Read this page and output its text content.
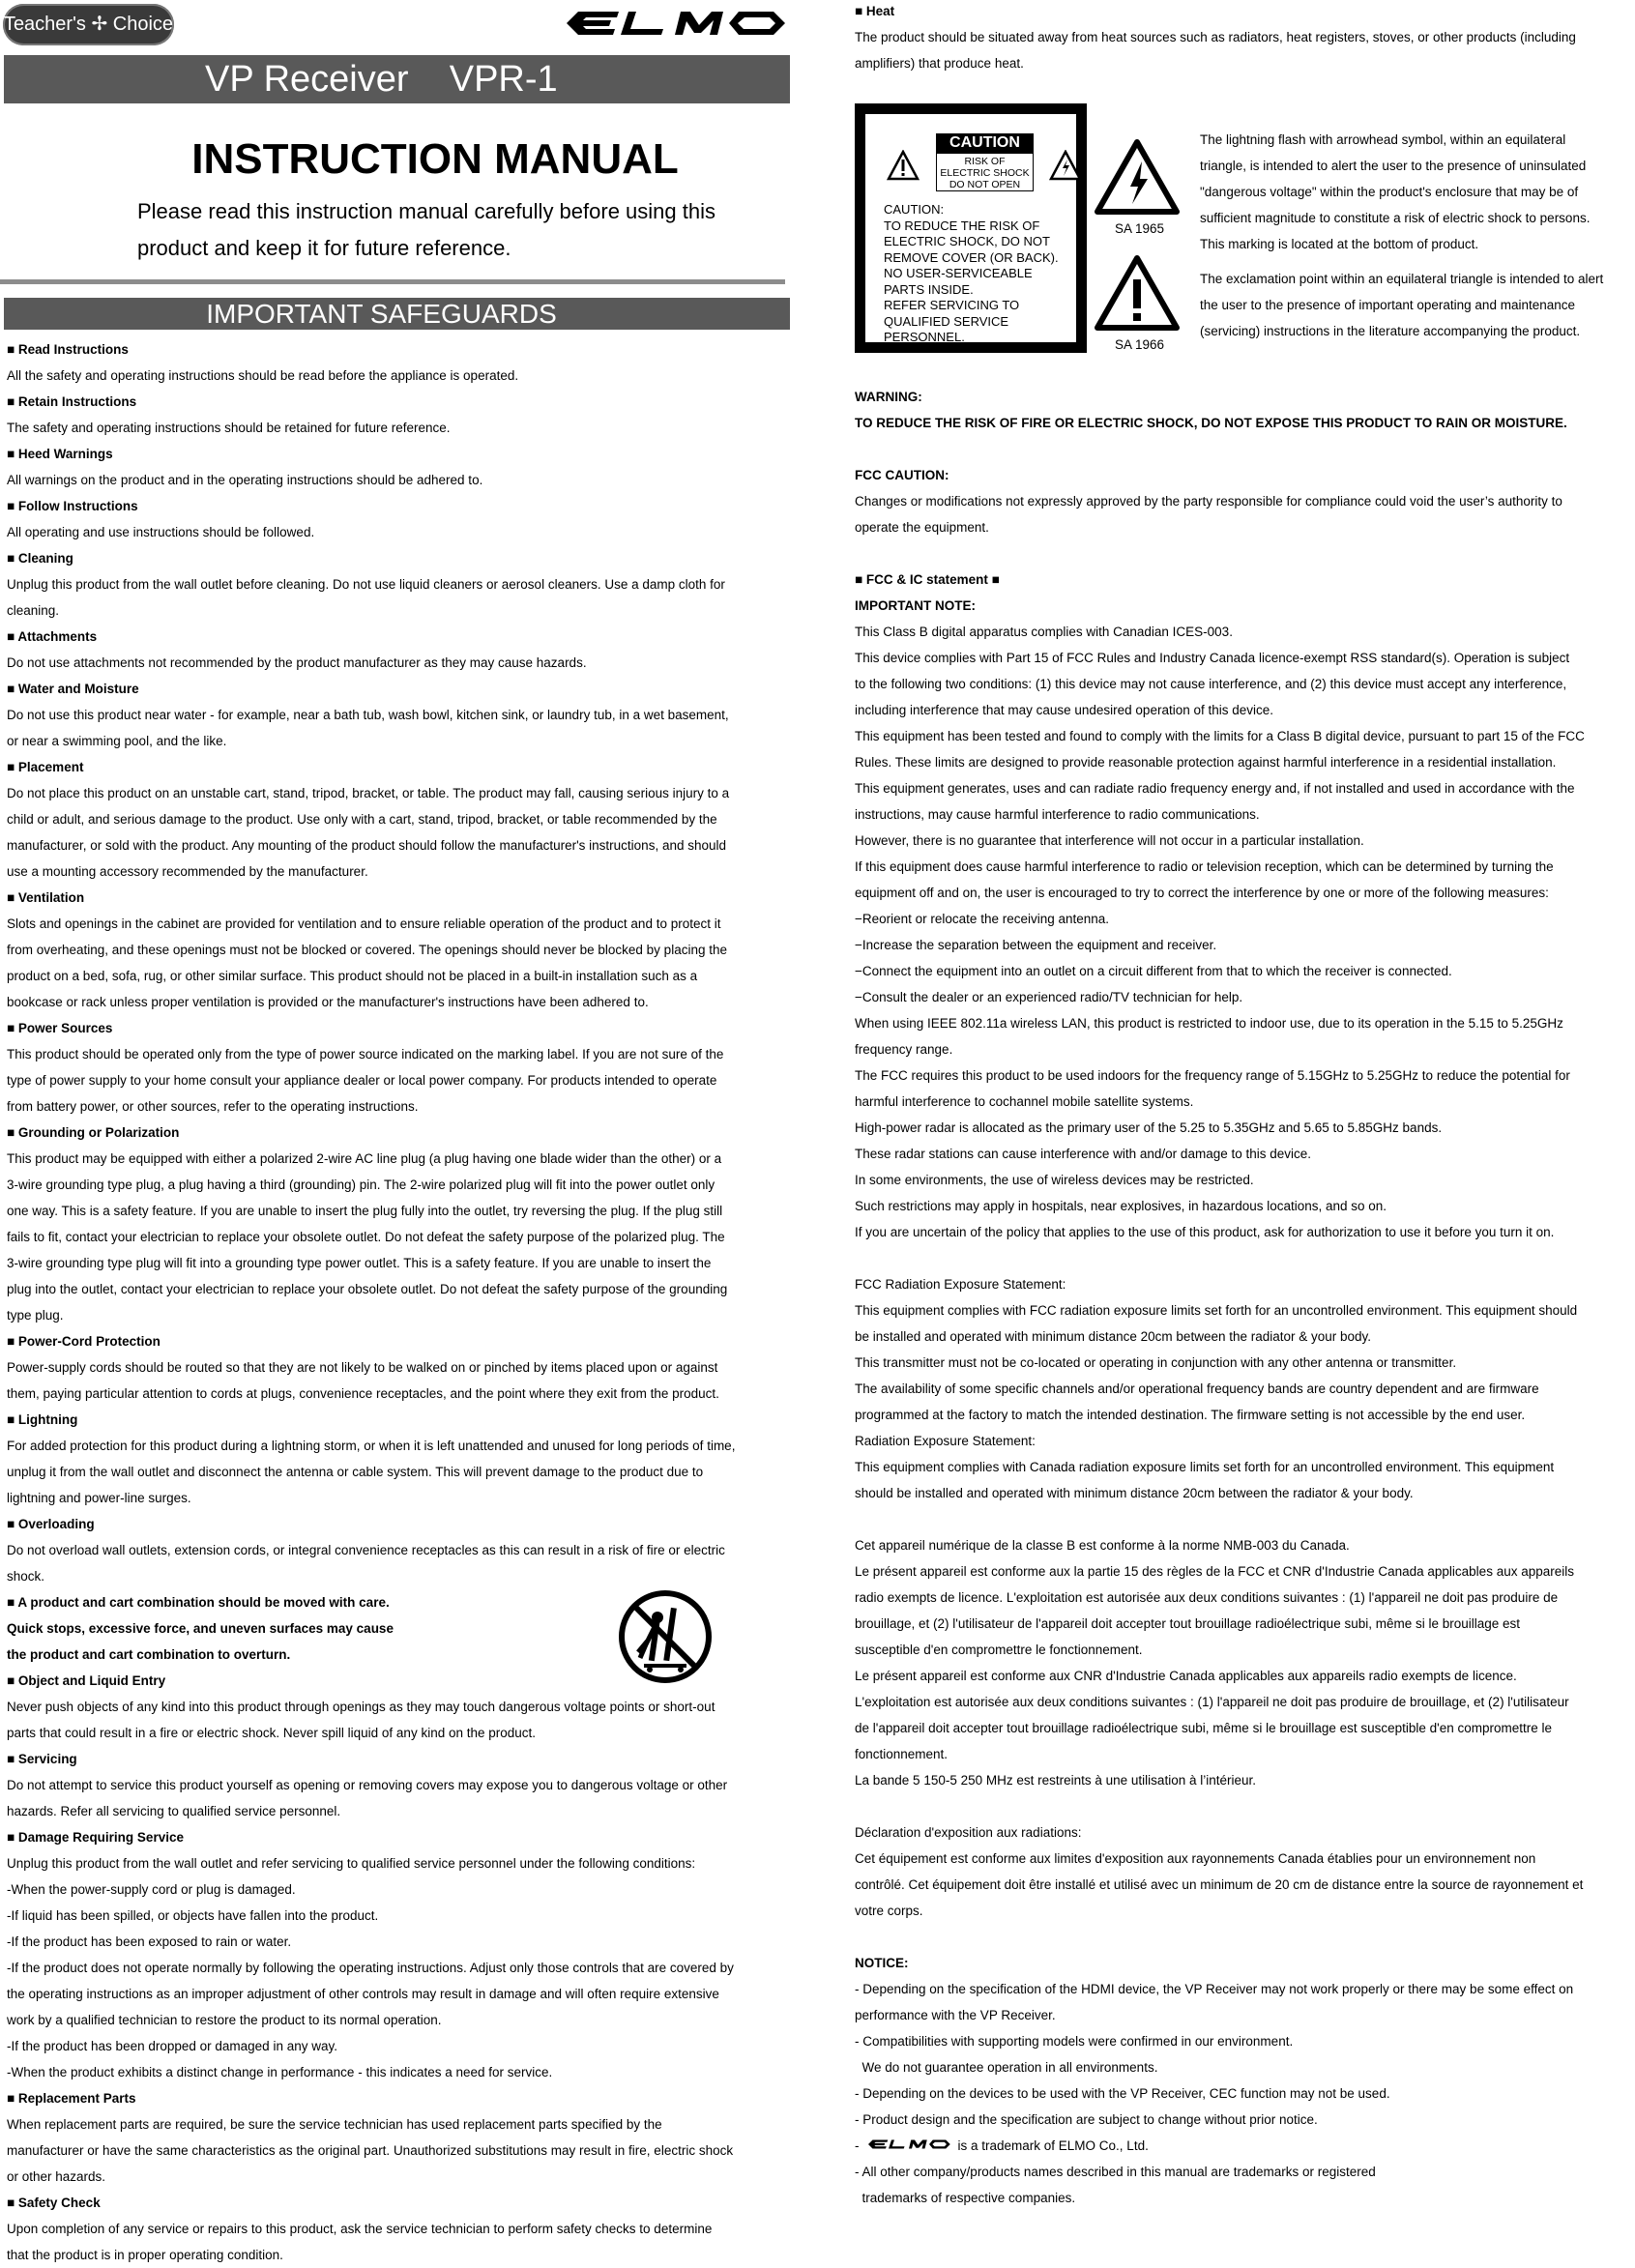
Teacher's ✢ Choice
VP Receiver    VPR-1
INSTRUCTION MANUAL
Please read this instruction manual carefully before using this
product and keep it for future reference.
IMPORTANT SAFEGUARDS
■ Read Instructions
All the safety and operating instructions should be read before the appliance is operated.
■ Retain Instructions
The safety and operating instructions should be retained for future reference.
■ Heed Warnings
All warnings on the product and in the operating instructions should be adhered to.
■ Follow Instructions
All operating and use instructions should be followed.
■ Cleaning
Unplug this product from the wall outlet before cleaning. Do not use liquid cleaners or aerosol cleaners. Use a damp cloth for
cleaning.
■ Attachments
Do not use attachments not recommended by the product manufacturer as they may cause hazards.
■ Water and Moisture
Do not use this product near water - for example, near a bath tub, wash bowl, kitchen sink, or laundry tub, in a wet basement,
or near a swimming pool, and the like.
■ Placement
Do not place this product on an unstable cart, stand, tripod, bracket, or table. The product may fall, causing serious injury to a
child or adult, and serious damage to the product. Use only with a cart, stand, tripod, bracket, or table recommended by the
manufacturer, or sold with the product. Any mounting of the product should follow the manufacturer's instructions, and should
use a mounting accessory recommended by the manufacturer.
■ Ventilation
Slots and openings in the cabinet are provided for ventilation and to ensure reliable operation of the product and to protect it
from overheating, and these openings must not be blocked or covered. The openings should never be blocked by placing the
product on a bed, sofa, rug, or other similar surface. This product should not be placed in a built-in installation such as a
bookcase or rack unless proper ventilation is provided or the manufacturer's instructions have been adhered to.
■ Power Sources
This product should be operated only from the type of power source indicated on the marking label. If you are not sure of the
type of power supply to your home consult your appliance dealer or local power company. For products intended to operate
from battery power, or other sources, refer to the operating instructions.
■ Grounding or Polarization
This product may be equipped with either a polarized 2-wire AC line plug (a plug having one blade wider than the other) or a
3-wire grounding type plug, a plug having a third (grounding) pin. The 2-wire polarized plug will fit into the power outlet only
one way. This is a safety feature. If you are unable to insert the plug fully into the outlet, try reversing the plug. If the plug still
fails to fit, contact your electrician to replace your obsolete outlet. Do not defeat the safety purpose of the polarized plug. The
3-wire grounding type plug will fit into a grounding type power outlet. This is a safety feature. If you are unable to insert the
plug into the outlet, contact your electrician to replace your obsolete outlet. Do not defeat the safety purpose of the grounding
type plug.
■ Power-Cord Protection
Power-supply cords should be routed so that they are not likely to be walked on or pinched by items placed upon or against
them, paying particular attention to cords at plugs, convenience receptacles, and the point where they exit from the product.
■ Lightning
For added protection for this product during a lightning storm, or when it is left unattended and unused for long periods of time,
unplug it from the wall outlet and disconnect the antenna or cable system. This will prevent damage to the product due to
lightning and power-line surges.
■ Overloading
Do not overload wall outlets, extension cords, or integral convenience receptacles as this can result in a risk of fire or electric
shock.
■ A product and cart combination should be moved with care.
Quick stops, excessive force, and uneven surfaces may cause
the product and cart combination to overturn.
■ Object and Liquid Entry
Never push objects of any kind into this product through openings as they may touch dangerous voltage points or short-out
parts that could result in a fire or electric shock. Never spill liquid of any kind on the product.
■ Servicing
Do not attempt to service this product yourself as opening or removing covers may expose you to dangerous voltage or other
hazards. Refer all servicing to qualified service personnel.
■ Damage Requiring Service
Unplug this product from the wall outlet and refer servicing to qualified service personnel under the following conditions:
-When the power-supply cord or plug is damaged.
-If liquid has been spilled, or objects have fallen into the product.
-If the product has been exposed to rain or water.
-If the product does not operate normally by following the operating instructions. Adjust only those controls that are covered by
the operating instructions as an improper adjustment of other controls may result in damage and will often require extensive
work by a qualified technician to restore the product to its normal operation.
-If the product has been dropped or damaged in any way.
-When the product exhibits a distinct change in performance - this indicates a need for service.
■ Replacement Parts
When replacement parts are required, be sure the service technician has used replacement parts specified by the
manufacturer or have the same characteristics as the original part. Unauthorized substitutions may result in fire, electric shock
or other hazards.
■ Safety Check
Upon completion of any service or repairs to this product, ask the service technician to perform safety checks to determine
that the product is in proper operating condition.
■ Heat
The product should be situated away from heat sources such as radiators, heat registers, stoves, or other products (including
amplifiers) that produce heat.
CAUTION
RISK OF
ELECTRIC SHOCK
DO NOT OPEN
CAUTION:
TO REDUCE THE RISK OF
ELECTRIC SHOCK, DO NOT
REMOVE COVER (OR BACK).
NO USER-SERVICEABLE
PARTS INSIDE.
REFER SERVICING TO
QUALIFIED SERVICE
PERSONNEL.
SA 1965
SA 1966

The lightning flash with arrowhead symbol, within an equilateral
triangle, is intended to alert the user to the presence of uninsulated
"dangerous voltage" within the product's enclosure that may be of
sufficient magnitude to constitute a risk of electric shock to persons.
This marking is located at the bottom of product.

The exclamation point within an equilateral triangle is intended to alert
the user to the presence of important operating and maintenance
(servicing) instructions in the literature accompanying the product.

WARNING:
TO REDUCE THE RISK OF FIRE OR ELECTRIC SHOCK, DO NOT EXPOSE THIS PRODUCT TO RAIN OR MOISTURE.
FCC CAUTION:
Changes or modifications not expressly approved by the party responsible for compliance could void the user’s authority to
operate the equipment.
■ FCC & IC statement ■
IMPORTANT NOTE:
This Class B digital apparatus complies with Canadian ICES-003.
This device complies with Part 15 of FCC Rules and Industry Canada licence-exempt RSS standard(s). Operation is subject
to the following two conditions: (1) this device may not cause interference, and (2) this device must accept any interference,
including interference that may cause undesired operation of this device.
This equipment has been tested and found to comply with the limits for a Class B digital device, pursuant to part 15 of the FCC
Rules. These limits are designed to provide reasonable protection against harmful interference in a residential installation.
This equipment generates, uses and can radiate radio frequency energy and, if not installed and used in accordance with the
instructions, may cause harmful interference to radio communications.
However, there is no guarantee that interference will not occur in a particular installation.
If this equipment does cause harmful interference to radio or television reception, which can be determined by turning the
equipment off and on, the user is encouraged to try to correct the interference by one or more of the following measures:
−Reorient or relocate the receiving antenna.
−Increase the separation between the equipment and receiver.
−Connect the equipment into an outlet on a circuit different from that to which the receiver is connected.
−Consult the dealer or an experienced radio/TV technician for help.
When using IEEE 802.11a wireless LAN, this product is restricted to indoor use, due to its operation in the 5.15 to 5.25GHz
frequency range.
The FCC requires this product to be used indoors for the frequency range of 5.15GHz to 5.25GHz to reduce the potential for
harmful interference to cochannel mobile satellite systems.
High-power radar is allocated as the primary user of the 5.25 to 5.35GHz and 5.65 to 5.85GHz bands.
These radar stations can cause interference with and/or damage to this device.
In some environments, the use of wireless devices may be restricted.
Such restrictions may apply in hospitals, near explosives, in hazardous locations, and so on.
If you are uncertain of the policy that applies to the use of this product, ask for authorization to use it before you turn it on.
FCC Radiation Exposure Statement:
This equipment complies with FCC radiation exposure limits set forth for an uncontrolled environment. This equipment should
be installed and operated with minimum distance 20cm between the radiator & your body.
This transmitter must not be co-located or operating in conjunction with any other antenna or transmitter.
The availability of some specific channels and/or operational frequency bands are country dependent and are firmware
programmed at the factory to match the intended destination. The firmware setting is not accessible by the end user.
Radiation Exposure Statement:
This equipment complies with Canada radiation exposure limits set forth for an uncontrolled environment. This equipment
should be installed and operated with minimum distance 20cm between the radiator & your body.
Cet appareil numérique de la classe B est conforme à la norme NMB-003 du Canada.
Le présent appareil est conforme aux la partie 15 des règles de la FCC et CNR d'Industrie Canada applicables aux appareils
radio exempts de licence. L'exploitation est autorisée aux deux conditions suivantes : (1) l'appareil ne doit pas produire de
brouillage, et (2) l'utilisateur de l'appareil doit accepter tout brouillage radioélectrique subi, même si le brouillage est
susceptible d'en compromettre le fonctionnement.
Le présent appareil est conforme aux CNR d'Industrie Canada applicables aux appareils radio exempts de licence.
L'exploitation est autorisée aux deux conditions suivantes : (1) l'appareil ne doit pas produire de brouillage, et (2) l'utilisateur
de l'appareil doit accepter tout brouillage radioélectrique subi, même si le brouillage est susceptible d'en compromettre le
fonctionnement.
La bande 5 150-5 250 MHz est restreints à une utilisation à l’intérieur.
Déclaration d'exposition aux radiations:
Cet équipement est conforme aux limites d'exposition aux rayonnements Canada établies pour un environnement non
contrôlé. Cet équipement doit être installé et utilisé avec un minimum de 20 cm de distance entre la source de rayonnement et
votre corps.
NOTICE:
- Depending on the specification of the HDMI device, the VP Receiver may not work properly or there may be some effect on
performance with the VP Receiver.
- Compatibilities with supporting models were confirmed in our environment.
We do not guarantee operation in all environments.
- Depending on the devices to be used with the VP Receiver, CEC function may not be used.
- Product design and the specification are subject to change without prior notice.
-	is a trademark of ELMO Co., Ltd.
- All other company/products names described in this manual are trademarks or registered
trademarks of respective companies.
